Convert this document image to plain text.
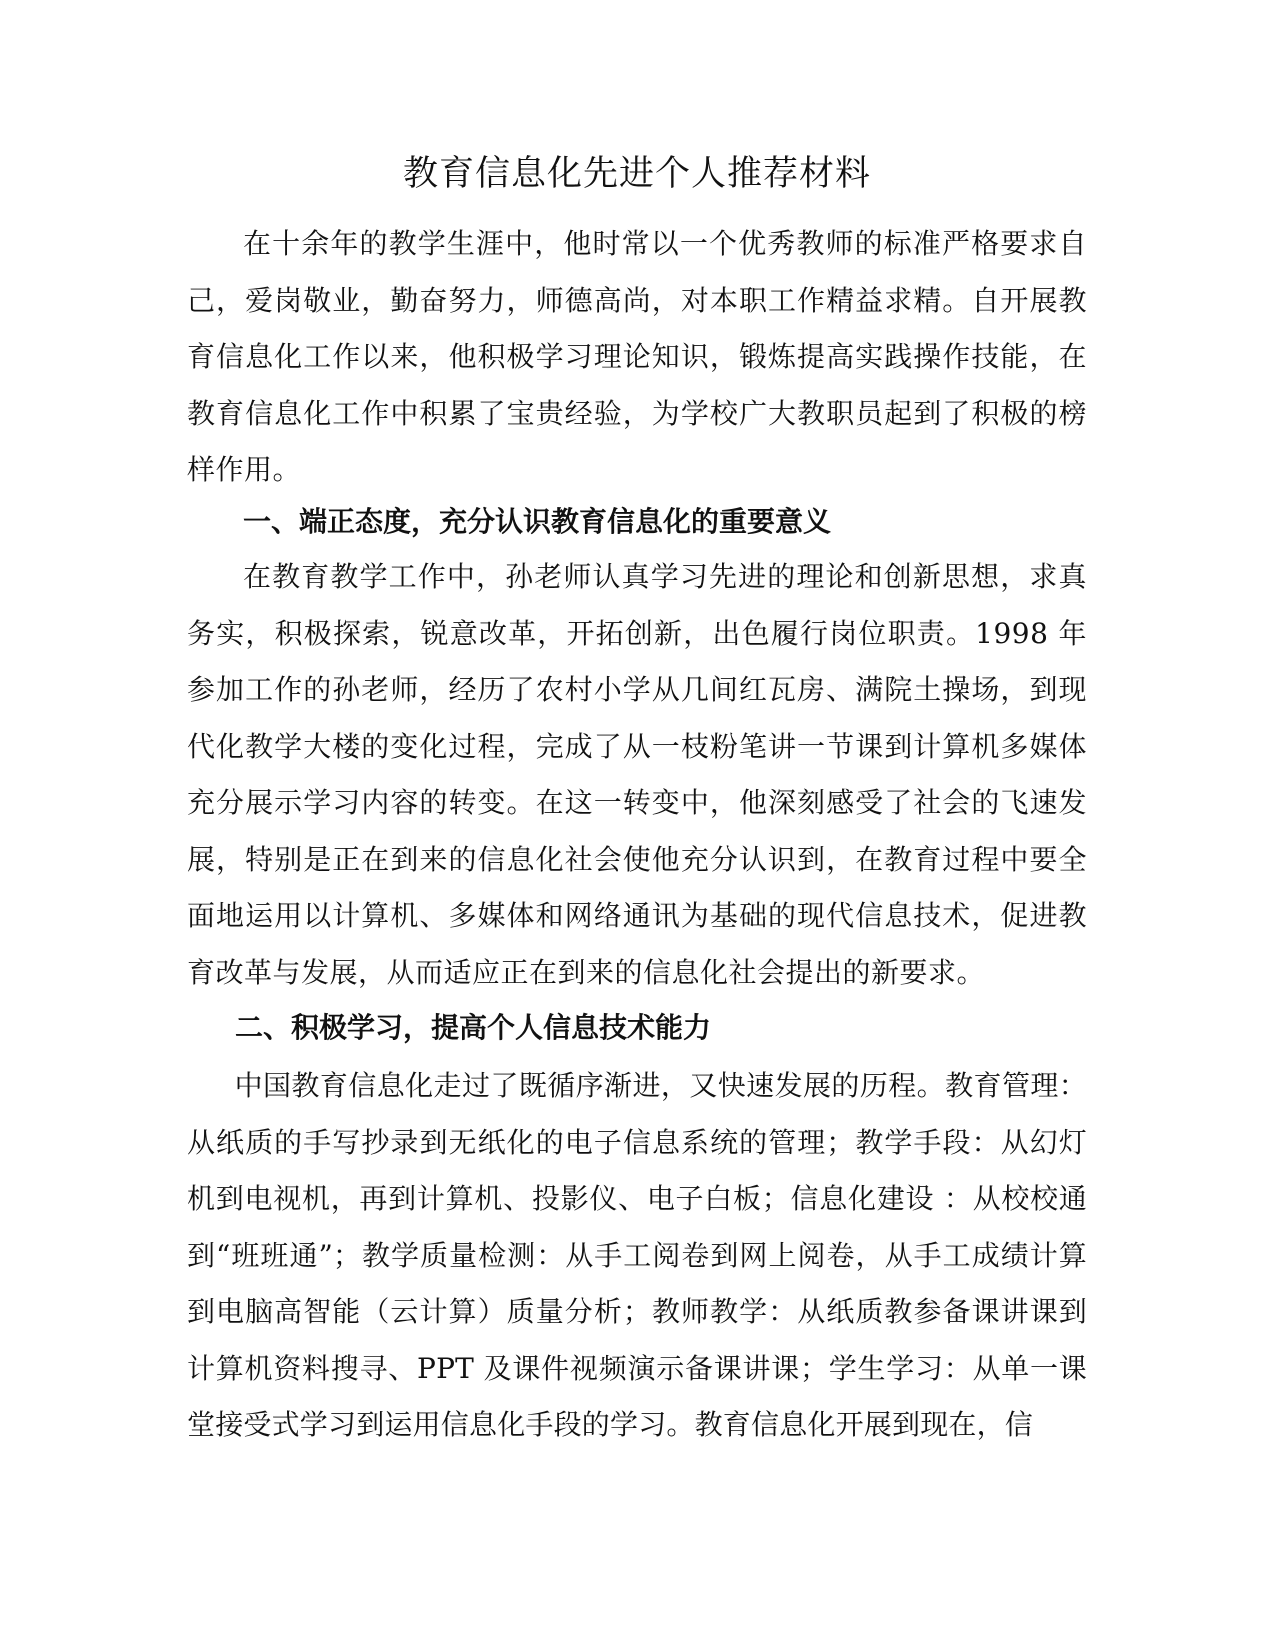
教育信息化先进个人推荐材料
在十余年的教学生涯中，他时常以一个优秀教师的标准严格要求自己，爱岗敬业，勤奋努力，师德高尚，对本职工作精益求精。自开展教育信息化工作以来，他积极学习理论知识，锻炼提高实践操作技能，在教育信息化工作中积累了宝贵经验，为学校广大教职员起到了积极的榜样作用。
一、端正态度，充分认识教育信息化的重要意义
在教育教学工作中，孙老师认真学习先进的理论和创新思想，求真务实，积极探索，锐意改革，开拓创新，出色履行岗位职责。1998 年参加工作的孙老师，经历了农村小学从几间红瓦房、满院土操场，到现代化教学大楼的变化过程，完成了从一枝粉笔讲一节课到计算机多媒体充分展示学习内容的转变。在这一转变中，他深刻感受了社会的飞速发展，特别是正在到来的信息化社会使他充分认识到，在教育过程中要全面地运用以计算机、多媒体和网络通讯为基础的现代信息技术，促进教育改革与发展，从而适应正在到来的信息化社会提出的新要求。
二、积极学习，提高个人信息技术能力
中国教育信息化走过了既循序渐进，又快速发展的历程。教育管理：从纸质的手写抄录到无纸化的电子信息系统的管理；教学手段：从幻灯机到电视机，再到计算机、投影仪、电子白板；信息化建设 ：从校校通到“班班通”；教学质量检测：从手工阅卷到网上阅卷，从手工成绩计算到电脑高智能（云计算）质量分析；教师教学：从纸质教参备课讲课到计算机资料搜寻、PPT 及课件视频演示备课讲课；学生学习：从单一课堂接受式学习到运用信息化手段的学习。教育信息化开展到现在，信
